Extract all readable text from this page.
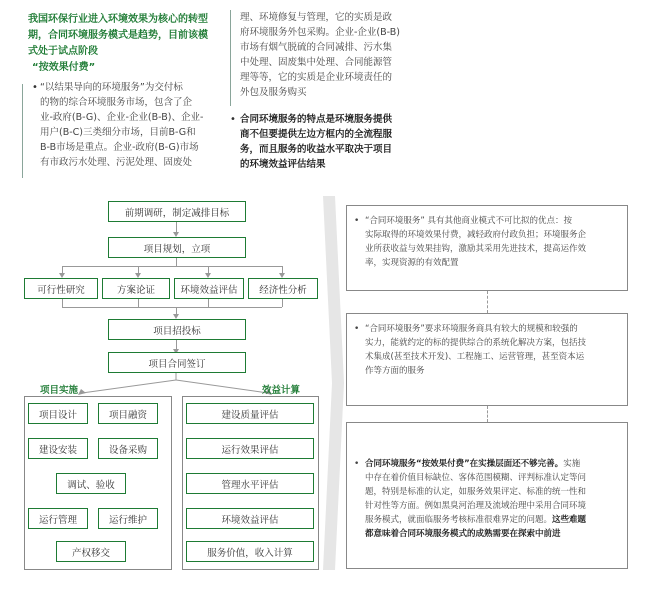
我国环保行业进入环境效果为核心的转型
期，合同环境服务模式是趋势，目前该模
式处于试点阶段
“按效果付费”
• “以结果导向的环境服务”为交付标
的物的综合环境服务市场，包含了企
业-政府(B-G)、企业-企业(B-B)、企业-
用户(B-C)三类细分市场，目前B-G和
B-B市场是重点。企业-政府(B-G)市场
有市政污水处理、污泥处理、固废处
理、环境修复与管理，它的实质是政
府环境服务外包采购。企业-企业(B-B)
市场有烟气脱硫的合同减排、污水集
中处理、固废集中处理、合同能源管
理等等，它的实质是企业环境责任的
外包及服务购买
• 合同环境服务的特点是环境服务提供
商不但要提供左边方框内的全流程服
务，而且服务的收益水平取决于项目
的环境效益评估结果
前期调研，制定减排目标
项目规划，立项
可行性研究	方案论证	环境效益评估	经济性分析
项目招投标
项目合同签订
项目实施	效益计算
项目设计	项目融资
建设安装	设备采购
调试、验收
运行管理	运行维护
产权移交
建设质量评估
运行效果评估
管理水平评估
环境效益评估
服务价值，收入计算
• “合同环境服务” 具有其他商业模式不可比拟的优点：按
实际取得的环境效果付费，减轻政府付政负担；环境服务企
业所获收益与效果挂钩，激励其采用先进技术，提高运作效
率，实现资源的有效配置
• “合同环境服务”要求环境服务商具有较大的规模和较强的
实力，能就约定的标的提供综合的系统化解决方案，包括技
术集成(甚至技术开发)、工程施工、运营管理，甚至资本运
作等方面的服务
• 合同环境服务“按效果付费”在实操层面还不够完善。实施
中存在着价值目标缺位、客体范围模糊、评判标准认定等问
题，特别是标准的认定，如服务效果评定、标准的统一性和
针对性等方面。例如黑臭河治理及流域治理中采用合同环境
服务模式，就面临服务考核标准很难界定的问题。这些难题
都意味着合同环境服务模式的成熟需要在探索中前进
